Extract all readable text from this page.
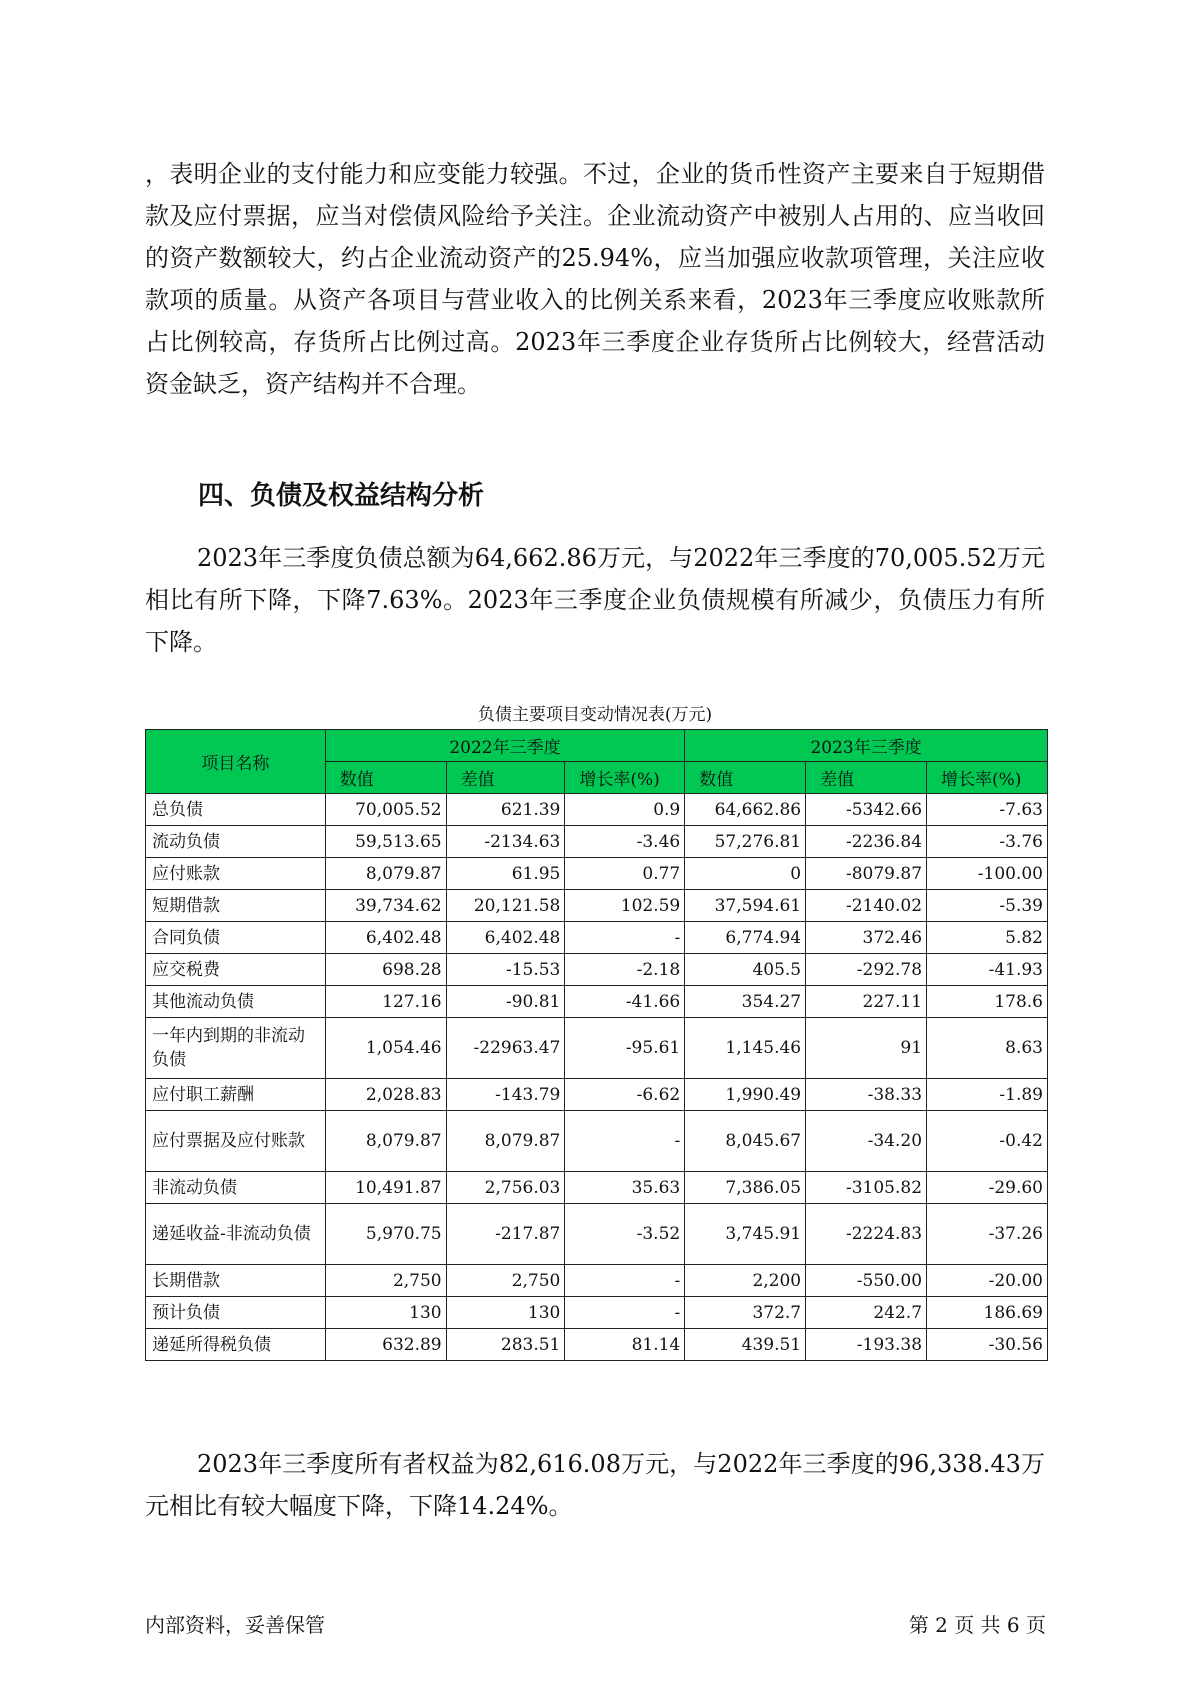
，表明企业的支付能力和应变能力较强。不过，企业的货币性资产主要来自于短期借款及应付票据，应当对偿债风险给予关注。企业流动资产中被别人占用的、应当收回的资产数额较大，约占企业流动资产的25.94%，应当加强应收款项管理，关注应收款项的质量。从资产各项目与营业收入的比例关系来看，2023年三季度应收账款所占比例较高，存货所占比例过高。2023年三季度企业存货所占比例较大，经营活动资金缺乏，资产结构并不合理。

四、负债及权益结构分析

2023年三季度负债总额为64,662.86万元，与2022年三季度的70,005.52万元相比有所下降，下降7.63%。2023年三季度企业负债规模有所减少，负债压力有所下降。

负债主要项目变动情况表(万元)

项目名称	2022年三季度			2023年三季度		
	数值	差值	增长率(%)	数值	差值	增长率(%)
总负债	70,005.52	621.39	0.9	64,662.86	-5342.66	-7.63
流动负债	59,513.65	-2134.63	-3.46	57,276.81	-2236.84	-3.76
应付账款	8,079.87	61.95	0.77	0	-8079.87	-100.00
短期借款	39,734.62	20,121.58	102.59	37,594.61	-2140.02	-5.39
合同负债	6,402.48	6,402.48	-	6,774.94	372.46	5.82
应交税费	698.28	-15.53	-2.18	405.5	-292.78	-41.93
其他流动负债	127.16	-90.81	-41.66	354.27	227.11	178.6
一年内到期的非流动负债	1,054.46	-22963.47	-95.61	1,145.46	91	8.63
应付职工薪酬	2,028.83	-143.79	-6.62	1,990.49	-38.33	-1.89
应付票据及应付账款	8,079.87	8,079.87	-	8,045.67	-34.20	-0.42
非流动负债	10,491.87	2,756.03	35.63	7,386.05	-3105.82	-29.60
递延收益-非流动负债	5,970.75	-217.87	-3.52	3,745.91	-2224.83	-37.26
长期借款	2,750	2,750	-	2,200	-550.00	-20.00
预计负债	130	130	-	372.7	242.7	186.69
递延所得税负债	632.89	283.51	81.14	439.51	-193.38	-30.56

2023年三季度所有者权益为82,616.08万元，与2022年三季度的96,338.43万元相比有较大幅度下降，下降14.24%。

内部资料，妥善保管	第 2 页 共 6 页
